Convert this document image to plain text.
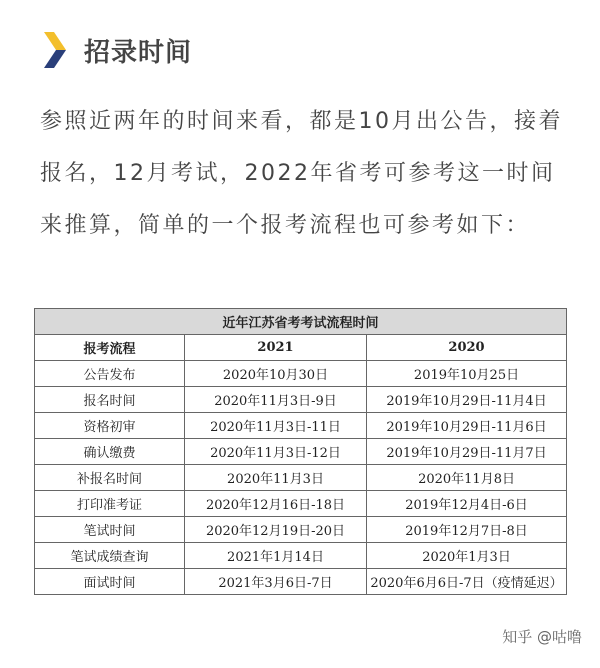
招录时间
参照近两年的时间来看，都是10月出公告，接着报名，12月考试，2022年省考可参考这一时间来推算，简单的一个报考流程也可参考如下：
近年江苏省考考试流程时间		
报考流程	2021	2020
公告发布	2020年10月30日	2019年10月25日
报名时间	2020年11月3日-9日	2019年10月29日-11月4日
资格初审	2020年11月3日-11日	2019年10月29日-11月6日
确认缴费	2020年11月3日-12日	2019年10月29日-11月7日
补报名时间	2020年11月3日	2020年11月8日
打印准考证	2020年12月16日-18日	2019年12月4日-6日
笔试时间	2020年12月19日-20日	2019年12月7日-8日
笔试成绩查询	2021年1月14日	2020年1月3日
面试时间	2021年3月6日-7日	2020年6月6日-7日（疫情延迟）
知乎 @咕噜
